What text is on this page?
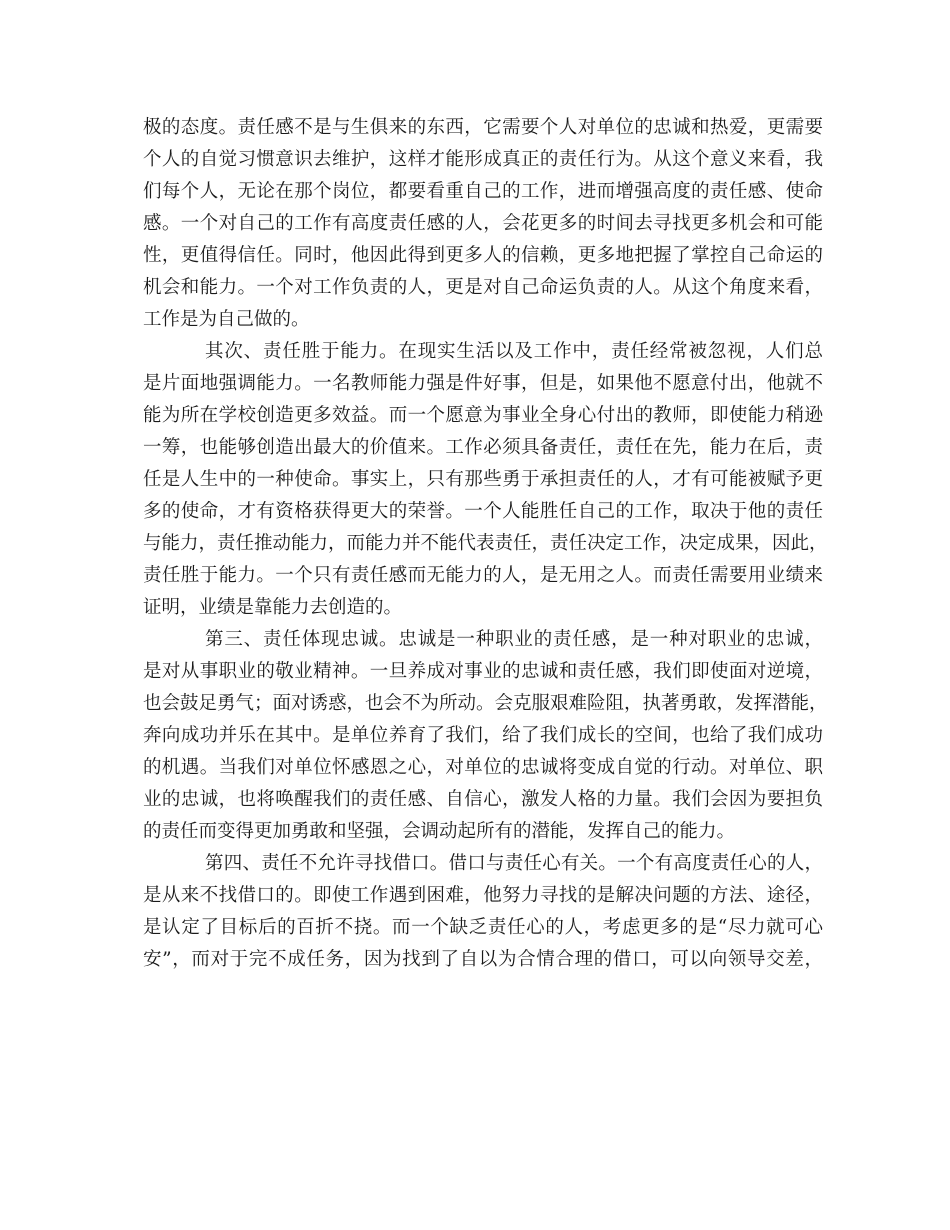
极的态度。责任感不是与生俱来的东西，它需要个人对单位的忠诚和热爱，更需要
个人的自觉习惯意识去维护，这样才能形成真正的责任行为。从这个意义来看，我
们每个人，无论在那个岗位，都要看重自己的工作，进而增强高度的责任感、使命
感。一个对自己的工作有高度责任感的人，会花更多的时间去寻找更多机会和可能
性，更值得信任。同时，他因此得到更多人的信赖，更多地把握了掌控自己命运的
机会和能力。一个对工作负责的人，更是对自己命运负责的人。从这个角度来看，
工作是为自己做的。
其次、责任胜于能力。在现实生活以及工作中，责任经常被忽视，人们总
是片面地强调能力。一名教师能力强是件好事，但是，如果他不愿意付出，他就不
能为所在学校创造更多效益。而一个愿意为事业全身心付出的教师，即使能力稍逊
一筹，也能够创造出最大的价值来。工作必须具备责任，责任在先，能力在后，责
任是人生中的一种使命。事实上，只有那些勇于承担责任的人，才有可能被赋予更
多的使命，才有资格获得更大的荣誉。一个人能胜任自己的工作，取决于他的责任
与能力，责任推动能力，而能力并不能代表责任，责任决定工作，决定成果，因此，
责任胜于能力。一个只有责任感而无能力的人，是无用之人。而责任需要用业绩来
证明，业绩是靠能力去创造的。
第三、责任体现忠诚。忠诚是一种职业的责任感，是一种对职业的忠诚，
是对从事职业的敬业精神。一旦养成对事业的忠诚和责任感，我们即使面对逆境，
也会鼓足勇气；面对诱惑，也会不为所动。会克服艰难险阻，执著勇敢，发挥潜能，
奔向成功并乐在其中。是单位养育了我们，给了我们成长的空间，也给了我们成功
的机遇。当我们对单位怀感恩之心，对单位的忠诚将变成自觉的行动。对单位、职
业的忠诚，也将唤醒我们的责任感、自信心，激发人格的力量。我们会因为要担负
的责任而变得更加勇敢和坚强，会调动起所有的潜能，发挥自己的能力。
第四、责任不允许寻找借口。借口与责任心有关。一个有高度责任心的人，
是从来不找借口的。即使工作遇到困难，他努力寻找的是解决问题的方法、途径，
是认定了目标后的百折不挠。而一个缺乏责任心的人，考虑更多的是“尽力就可心
安”，而对于完不成任务，因为找到了自以为合情合理的借口，可以向领导交差，
